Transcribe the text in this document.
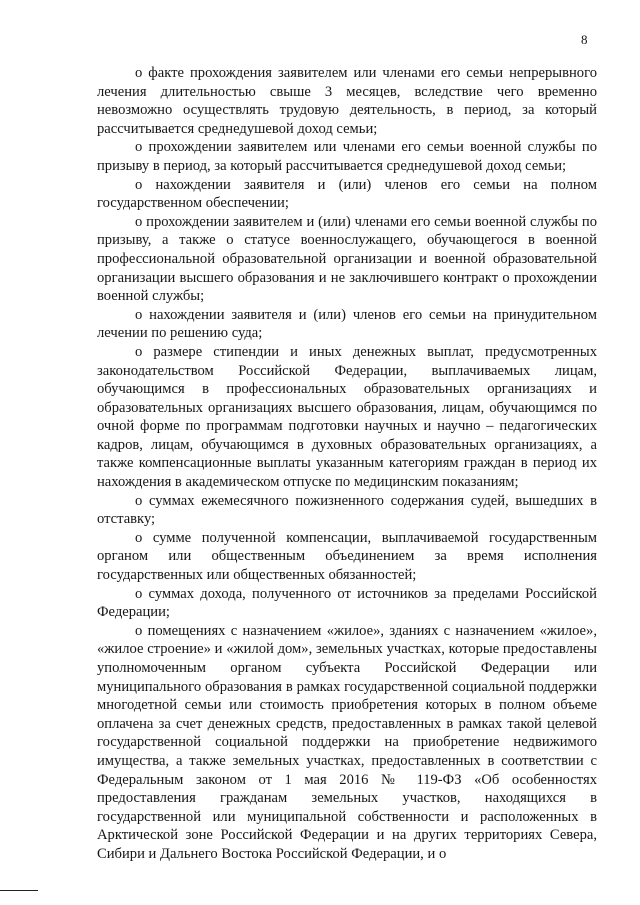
8

о факте прохождения заявителем или членами его семьи непрерывного лечения длительностью свыше 3 месяцев, вследствие чего временно невозможно осуществлять трудовую деятельность, в период, за который рассчитывается среднедушевой доход семьи;

о прохождении заявителем или членами его семьи военной службы по призыву в период, за который рассчитывается среднедушевой доход семьи;

о нахождении заявителя и (или) членов его семьи на полном государственном обеспечении;

о прохождении заявителем и (или) членами его семьи военной службы по призыву, а также о статусе военнослужащего, обучающегося в военной профессиональной образовательной организации и военной образовательной организации высшего образования и не заключившего контракт о прохождении военной службы;

о нахождении заявителя и (или) членов его семьи на принудительном лечении по решению суда;

о размере стипендии и иных денежных выплат, предусмотренных законодательством Российской Федерации, выплачиваемых лицам, обучающимся в профессиональных образовательных организациях и образовательных организациях высшего образования, лицам, обучающимся по очной форме по программам подготовки научных и научно – педагогических кадров, лицам, обучающимся в духовных образовательных организациях, а также компенсационные выплаты указанным категориям граждан в период их нахождения в академическом отпуске по медицинским показаниям;

о суммах ежемесячного пожизненного содержания судей, вышедших в отставку;

о сумме полученной компенсации, выплачиваемой государственным органом или общественным объединением за время исполнения государственных или общественных обязанностей;

о суммах дохода, полученного от источников за пределами Российской Федерации;

о помещениях с назначением «жилое», зданиях с назначением «жилое», «жилое строение» и «жилой дом», земельных участках, которые предоставлены уполномоченным органом субъекта Российской Федерации или муниципального образования в рамках государственной социальной поддержки многодетной семьи или стоимость приобретения которых в полном объеме оплачена за счет денежных средств, предоставленных в рамках такой целевой государственной социальной поддержки на приобретение недвижимого имущества, а также земельных участках, предоставленных в соответствии с Федеральным законом от 1 мая 2016 № 119-ФЗ «Об особенностях предоставления гражданам земельных участков, находящихся в государственной или муниципальной собственности и расположенных в Арктической зоне Российской Федерации и на других территориях Севера, Сибири и Дальнего Востока Российской Федерации, и о
